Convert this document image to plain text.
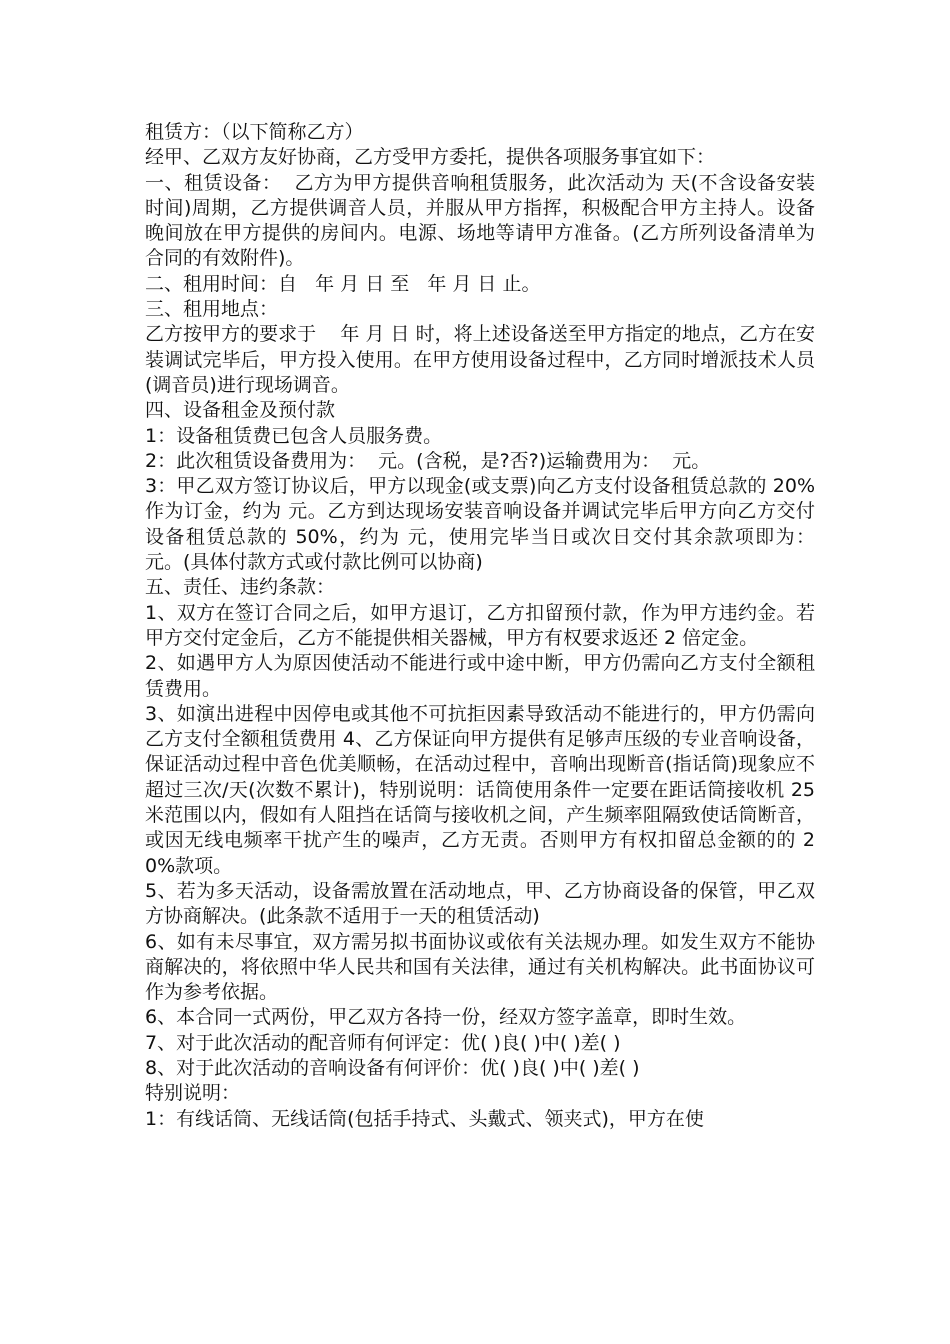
租赁方：（以下简称乙方）

经甲、乙双方友好协商，乙方受甲方委托，提供各项服务事宜如下：

一、租赁设备：  乙方为甲方提供音响租赁服务，此次活动为 天(不含设备安装时间)周期，乙方提供调音人员，并服从甲方指挥，积极配合甲方主持人。设备晚间放在甲方提供的房间内。电源、场地等请甲方准备。(乙方所列设备清单为合同的有效附件)。

二、租用时间：自   年 月 日 至   年 月 日 止。

三、租用地点：

乙方按甲方的要求于    年 月 日 时，将上述设备送至甲方指定的地点，乙方在安装调试完毕后，甲方投入使用。在甲方使用设备过程中，乙方同时增派技术人员(调音员)进行现场调音。

四、设备租金及预付款

1：设备租赁费已包含人员服务费。

2：此次租赁设备费用为：  元。(含税，是?否?)运输费用为：  元。

3：甲乙双方签订协议后，甲方以现金(或支票)向乙方支付设备租赁总款的 20%作为订金，约为 元。乙方到达现场安装音响设备并调试完毕后甲方向乙方交付设备租赁总款的 50%，约为 元，使用完毕当日或次日交付其余款项即为：  元。(具体付款方式或付款比例可以协商)

五、责任、违约条款：

1、双方在签订合同之后，如甲方退订，乙方扣留预付款，作为甲方违约金。若甲方交付定金后，乙方不能提供相关器械，甲方有权要求返还 2 倍定金。

2、如遇甲方人为原因使活动不能进行或中途中断，甲方仍需向乙方支付全额租赁费用。

3、如演出进程中因停电或其他不可抗拒因素导致活动不能进行的，甲方仍需向乙方支付全额租赁费用 4、乙方保证向甲方提供有足够声压级的专业音响设备，保证活动过程中音色优美顺畅，在活动过程中，音响出现断音(指话筒)现象应不超过三次/天(次数不累计)，特别说明：话筒使用条件一定要在距话筒接收机 25 米范围以内，假如有人阻挡在话筒与接收机之间，产生频率阻隔致使话筒断音，或因无线电频率干扰产生的噪声，乙方无责。否则甲方有权扣留总金额的的 20%款项。

5、若为多天活动，设备需放置在活动地点，甲、乙方协商设备的保管，甲乙双方协商解决。(此条款不适用于一天的租赁活动)

6、如有未尽事宜，双方需另拟书面协议或依有关法规办理。如发生双方不能协商解决的，将依照中华人民共和国有关法律，通过有关机构解决。此书面协议可作为参考依据。

6、本合同一式两份，甲乙双方各持一份，经双方签字盖章，即时生效。

7、对于此次活动的配音师有何评定：优( )良( )中( )差( )

8、对于此次活动的音响设备有何评价：优( )良( )中( )差( )

特别说明：

1：有线话筒、无线话筒(包括手持式、头戴式、领夹式)，甲方在使
